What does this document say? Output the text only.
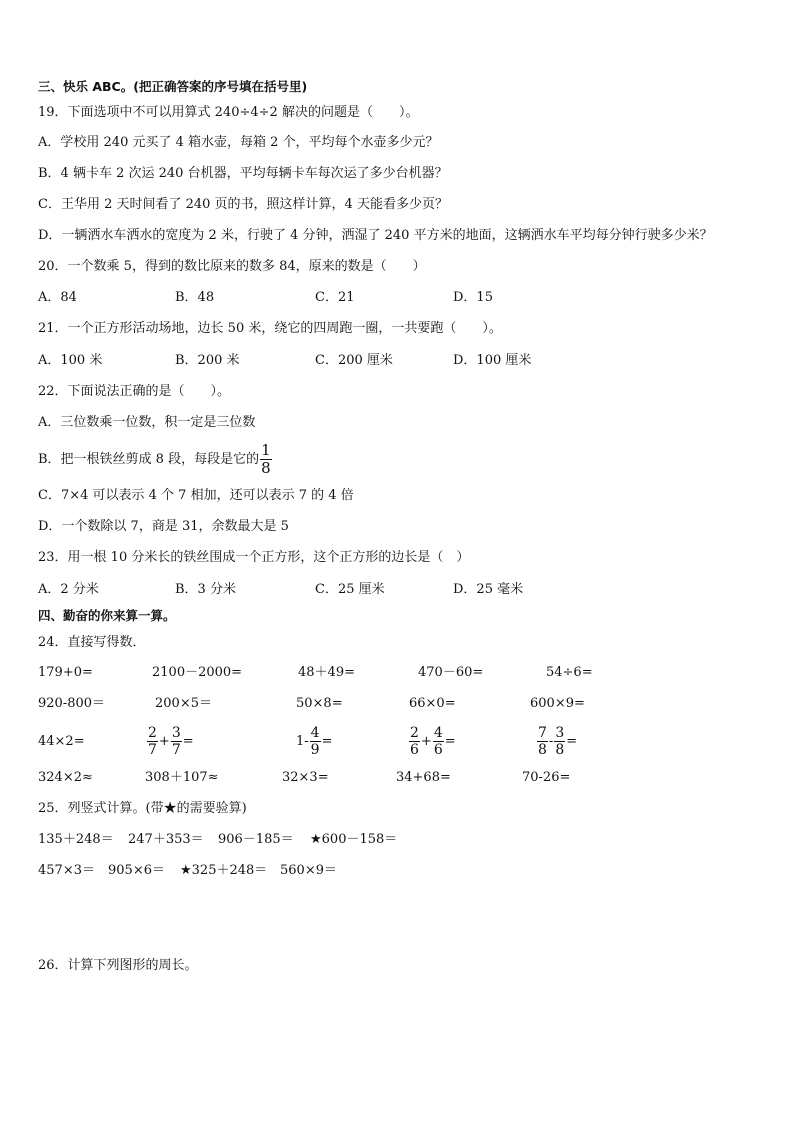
三、快乐 ABC。(把正确答案的序号填在括号里)
19．下面选项中不可以用算式 240÷4÷2 解决的问题是（　　）。
A．学校用 240 元买了 4 箱水壶，每箱 2 个，平均每个水壶多少元？
B．4 辆卡车 2 次运 240 台机器，平均每辆卡车每次运了多少台机器？
C．王华用 2 天时间看了 240 页的书，照这样计算，4 天能看多少页？
D．一辆洒水车洒水的宽度为 2 米，行驶了 4 分钟，洒湿了 240 平方米的地面，这辆洒水车平均每分钟行驶多少米？
20．一个数乘 5，得到的数比原来的数多 84，原来的数是（　　）
A．84	B．48	C．21	D．15
21．一个正方形活动场地，边长 50 米，绕它的四周跑一圈，一共要跑（　　）。
A．100 米	B．200 米	C．200 厘米	D．100 厘米
22．下面说法正确的是（　　）。
A．三位数乘一位数，积一定是三位数
B．把一根铁丝剪成 8 段，每段是它的 $\frac{1}{8}$
C．7×4 可以表示 4 个 7 相加，还可以表示 7 的 4 倍
D．一个数除以 7，商是 31，余数最大是 5
23．用一根 10 分米长的铁丝围成一个正方形，这个正方形的边长是（　）
A．2 分米	B．3 分米	C．25 厘米	D．25 毫米
四、勤奋的你来算一算。
24．直接写得数．
179+0=	2100－2000=	48＋49=	470－60=	54÷6=
920-800＝	200×5＝	50×8=	66×0=	600×9=
44×2=	$\frac{2}{7} + \frac{3}{7}$ =	$1- \frac{4}{9}$ =	$\frac{2}{6} + \frac{4}{6}$ =	$\frac{7}{8} - \frac{3}{8}$ =
324×2≈	308＋107≈	32×3=	34+68=	70-26=
25．列竖式计算。(带★的需要验算)
135＋248＝ 247＋353＝ 906－185＝ ★600－158＝
457×3＝ 905×6＝ ★325＋248＝ 560×9＝
26．计算下列图形的周长。
